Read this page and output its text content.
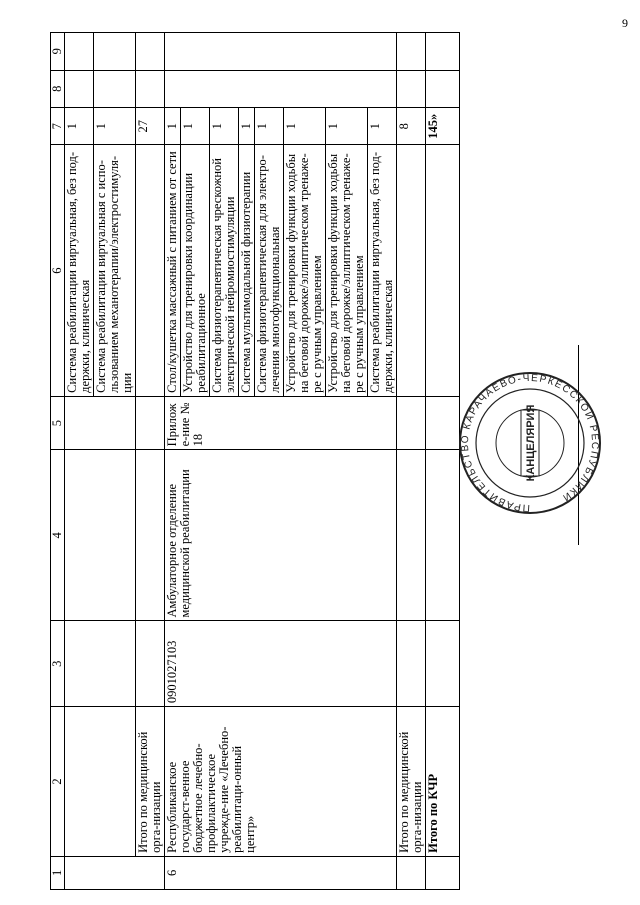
9
1	2	3	4	5	6	7	8	9
					Система реабилитации виртуальная, без под-держки, клиническая	1		
					Система реабилитации виртуальная с испо-льзованием механотерапии/электростимуля-ции	1		
	Итого по медицинской орга-низации					27		
6	Республиканское государст-венное бюджетное лечебно-профилактическое учрежде-ние «Лечебно-реабилитаци-онный центр»	0901027103	Амбулаторное отделение медицинской реабилитации	Приложе-ние № 18	Стол/кушетка массажный с питанием от сети	1		
					Устройство для тренировки координации реабилитационное	1		
					Система физиотерапевтическая чрескожной электрической нейромиостимуляции	1		
					Система мультимодальной физиотерапии	1		
					Система физиотерапевтическая для электро-лечения многофункциональная	1		
					Устройство для тренировки функции ходьбы на беговой дорожке/эллиптическом тренаже-ре с ручным управлением	1		
					Устройство для тренировки функции ходьбы на беговой дорожке/эллиптическом тренаже-ре с ручным управлением	1		
					Система реабилитации виртуальная, без под-держки, клиническая	1		
	Итого по медицинской орга-низации					8		
	Итого по КЧР					145»		
ПРАВИТЕЛЬСТВО КАРАЧАЕВО-ЧЕРКЕССКОЙ РЕСПУБЛИКИ
КАНЦЕЛЯРИЯ
